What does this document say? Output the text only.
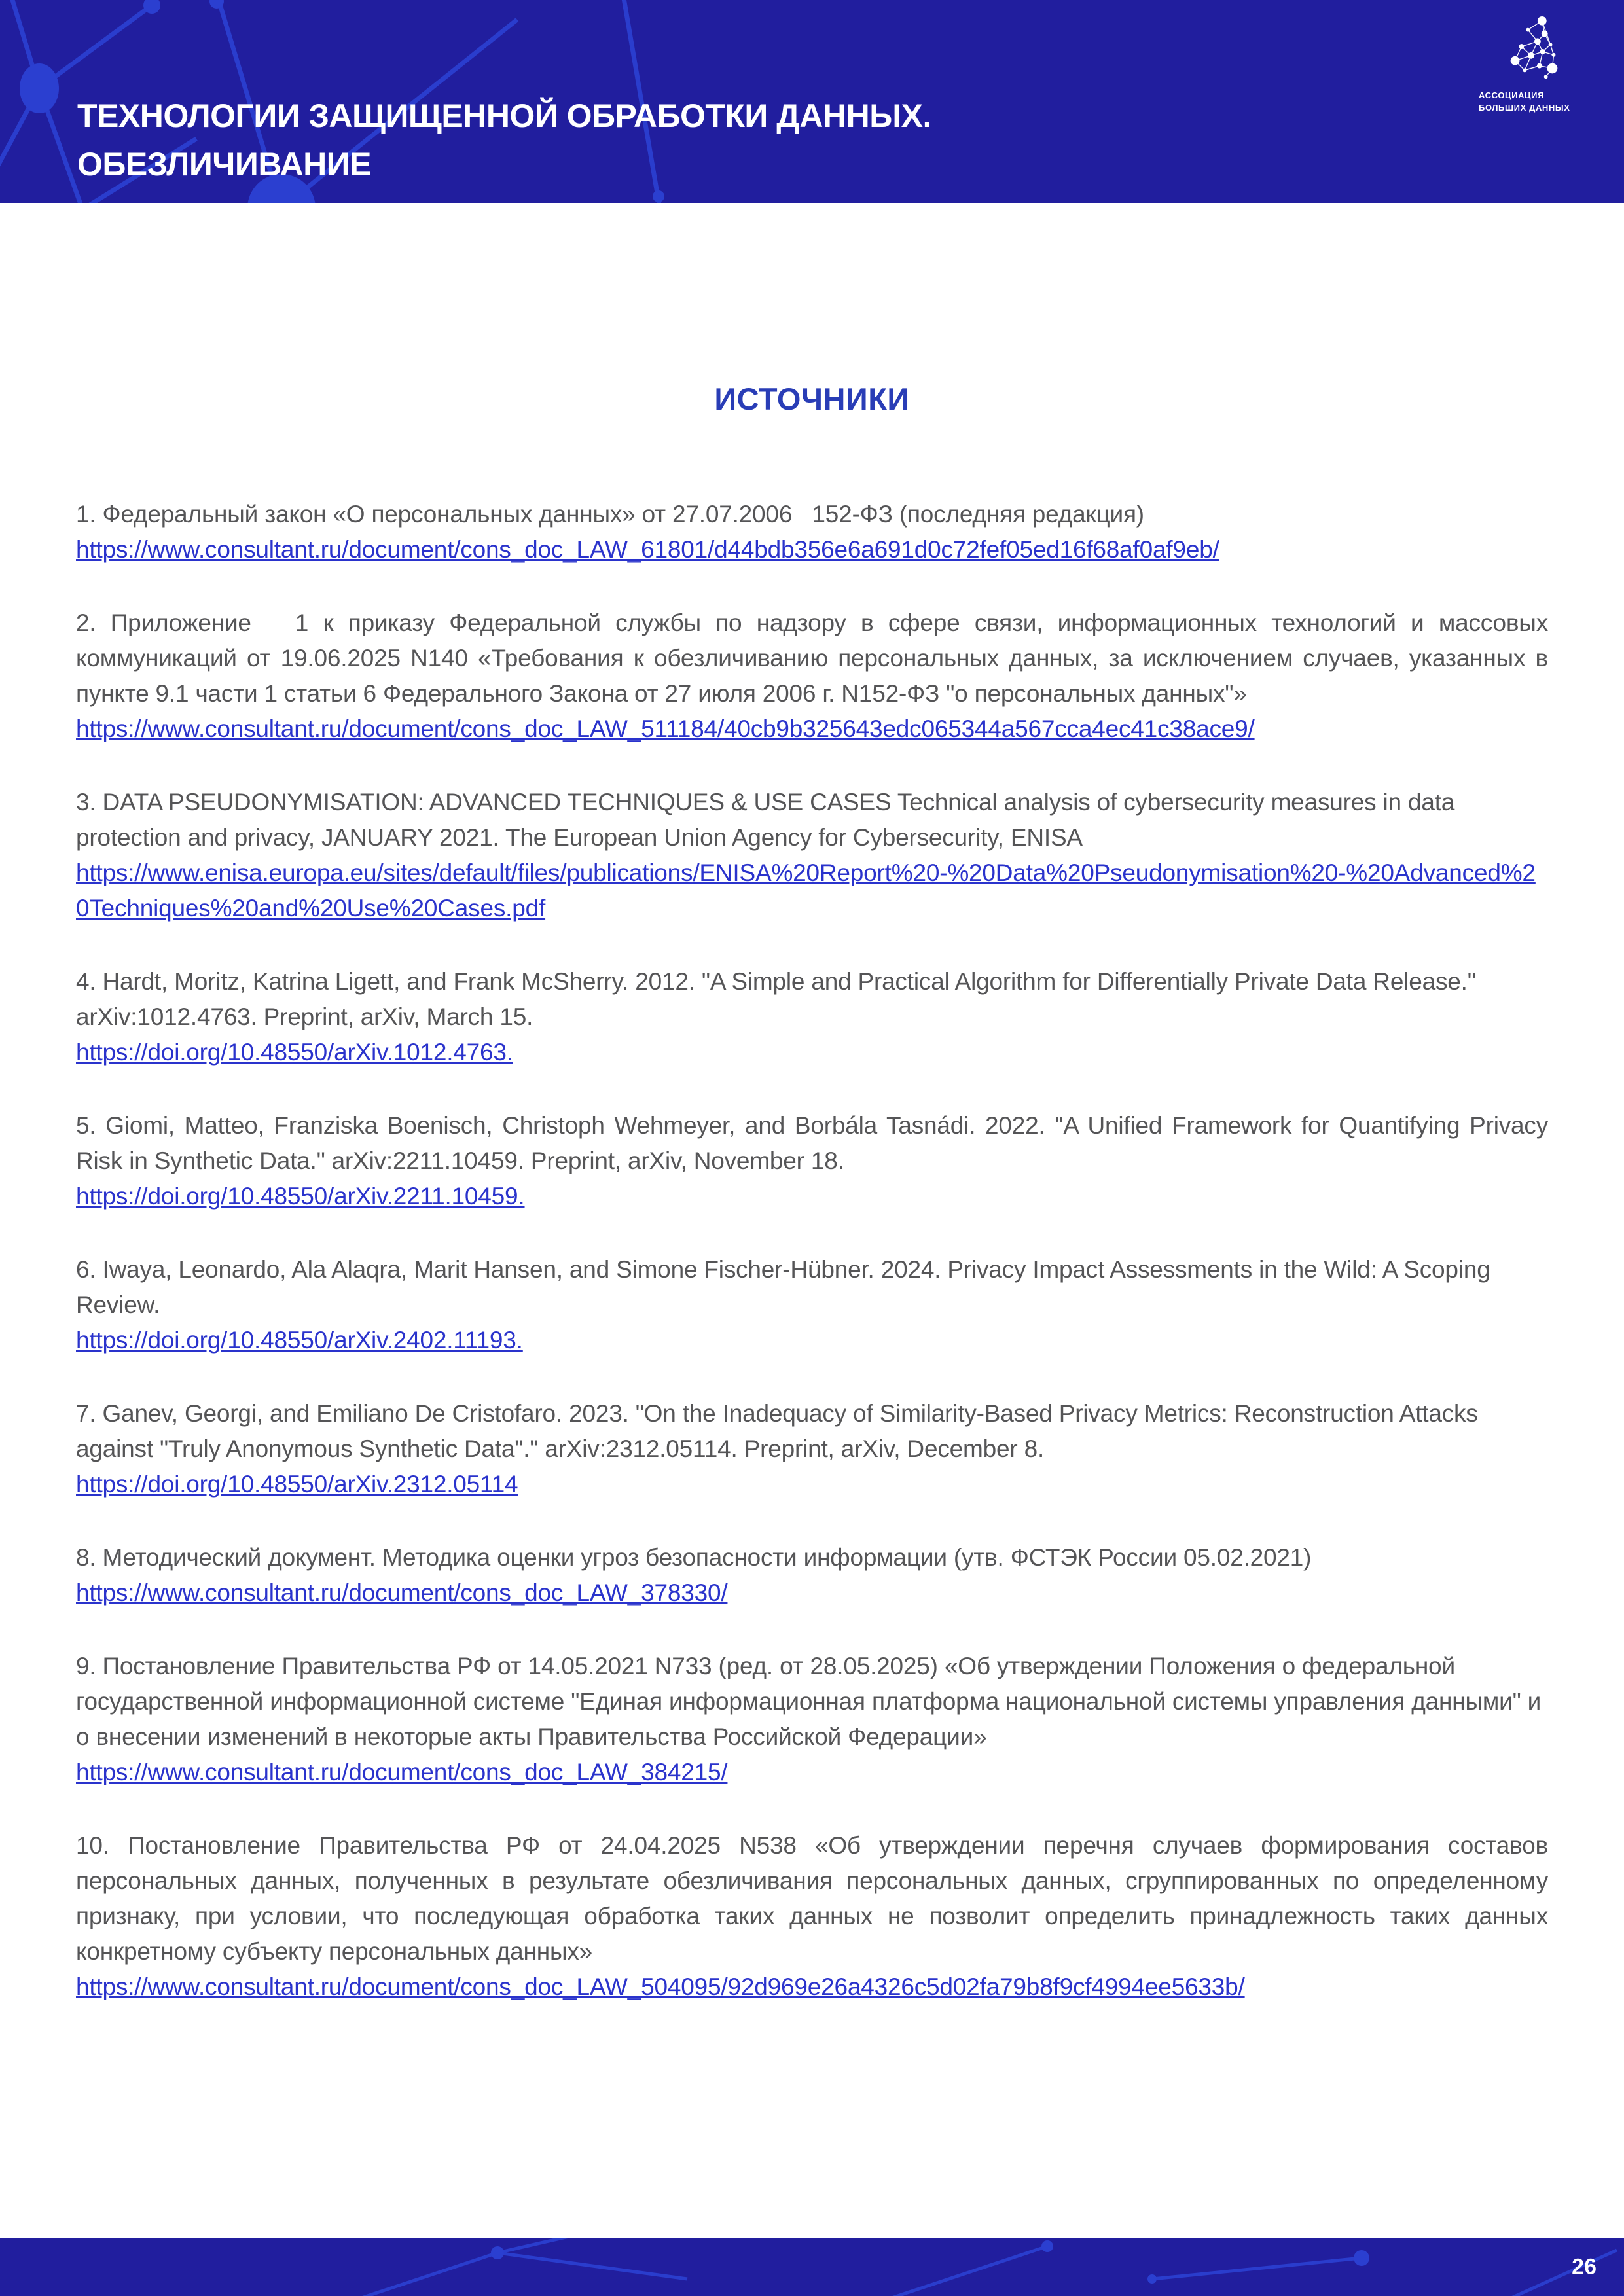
ТЕХНОЛОГИИ ЗАЩИЩЕННОЙ ОБРАБОТКИ ДАННЫХ.
ОБЕЗЛИЧИВАНИЕ
АССОЦИАЦИЯ
БОЛЬШИХ ДАННЫХ
ИСТОЧНИКИ

1. Федеральный закон «О персональных данных» от 27.07.2006   152-ФЗ (последняя редакция)

https://www.consultant.ru/document/cons_doc_LAW_61801/d44bdb356e6a691d0c72fef05ed16f68af0af9eb/

2. Приложение   1 к приказу Федеральной службы по надзору в сфере связи, информационных технологий и массовых коммуникаций от 19.06.2025 N140 «Требования к обезличиванию персональных данных, за исключением случаев, указанных в пункте 9.1 части 1 статьи 6 Федерального Закона от 27 июля 2006 г. N152-ФЗ "о персональных данных"»

https://www.consultant.ru/document/cons_doc_LAW_511184/40cb9b325643edc065344a567cca4ec41c38ace9/

3. DATA PSEUDONYMISATION: ADVANCED TECHNIQUES & USE CASES Technical analysis of cybersecurity measures in data protection and privacy, JANUARY 2021. The European Union Agency for Cybersecurity, ENISA

https://www.enisa.europa.eu/sites/default/files/publications/ENISA%20Report%20-%20Data%20Pseudonymisation%20-%20Advanced%20Techniques%20and%20Use%20Cases.pdf

4. Hardt, Moritz, Katrina Ligett, and Frank McSherry. 2012. "A Simple and Practical Algorithm for Differentially Private Data Release." arXiv:1012.4763. Preprint, arXiv, March 15.

https://doi.org/10.48550/arXiv.1012.4763.

5. Giomi, Matteo, Franziska Boenisch, Christoph Wehmeyer, and Borbála Tasnádi. 2022. "A Unified Framework for Quantifying Privacy Risk in Synthetic Data." arXiv:2211.10459. Preprint, arXiv, November 18.

https://doi.org/10.48550/arXiv.2211.10459.

6. Iwaya, Leonardo, Ala Alaqra, Marit Hansen, and Simone Fischer-Hübner. 2024. Privacy Impact Assessments in the Wild: A Scoping Review.

https://doi.org/10.48550/arXiv.2402.11193.

7. Ganev, Georgi, and Emiliano De Cristofaro. 2023. "On the Inadequacy of Similarity-Based Privacy Metrics: Reconstruction Attacks against "Truly Anonymous Synthetic Data"." arXiv:2312.05114. Preprint, arXiv, December 8.

https://doi.org/10.48550/arXiv.2312.05114

8. Методический документ. Методика оценки угроз безопасности информации (утв. ФСТЭК России 05.02.2021)

https://www.consultant.ru/document/cons_doc_LAW_378330/

9. Постановление Правительства РФ от 14.05.2021 N733 (ред. от 28.05.2025) «Об утверждении Положения о федеральной государственной информационной системе "Единая информационная платформа национальной системы управления данными" и о внесении изменений в некоторые акты Правительства Российской Федерации»

https://www.consultant.ru/document/cons_doc_LAW_384215/

10. Постановление Правительства РФ от 24.04.2025 N538 «Об утверждении перечня случаев формирования составов персональных данных, полученных в результате обезличивания персональных данных, сгруппированных по определенному признаку, при условии, что последующая обработка таких данных не позволит определить принадлежность таких данных конкретному субъекту персональных данных»

https://www.consultant.ru/document/cons_doc_LAW_504095/92d969e26a4326c5d02fa79b8f9cf4994ee5633b/
26
